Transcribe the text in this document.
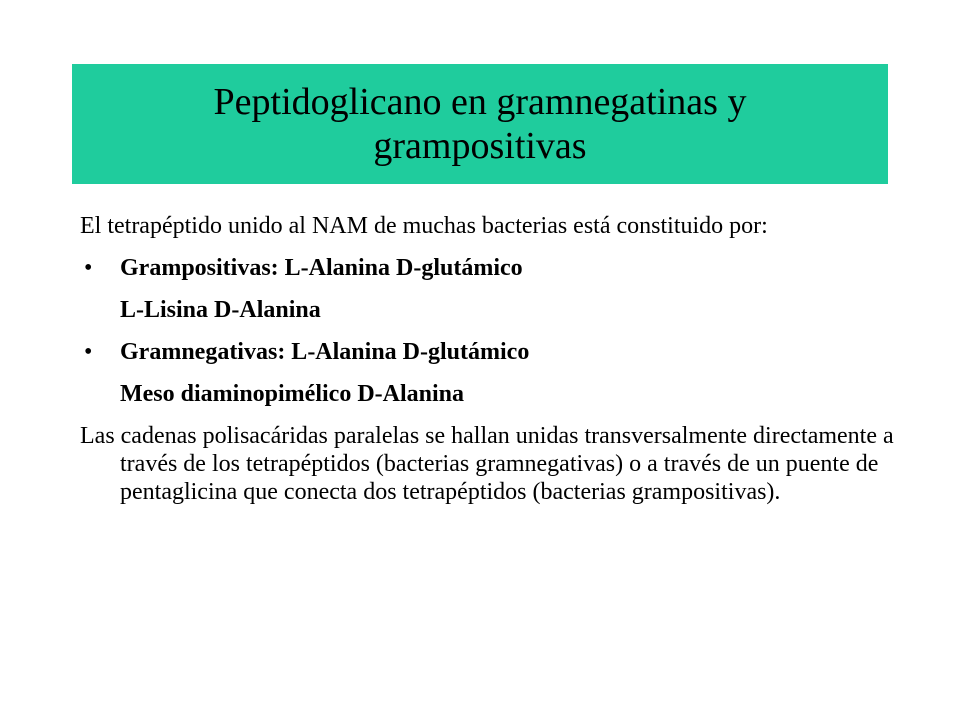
Peptidoglicano en gramnegatinas y grampositivas

El tetrapéptido unido al NAM de muchas bacterias está constituido por:

• Grampositivas: L-Alanina D-glutámico
L-Lisina D-Alanina
• Gramnegativas: L-Alanina D-glutámico
Meso diaminopimélico D-Alanina

Las cadenas polisacáridas paralelas se hallan unidas transversalmente directamente a través de los tetrapéptidos (bacterias gramnegativas) o a través de un puente de pentaglicina que conecta dos tetrapéptidos (bacterias grampositivas).
